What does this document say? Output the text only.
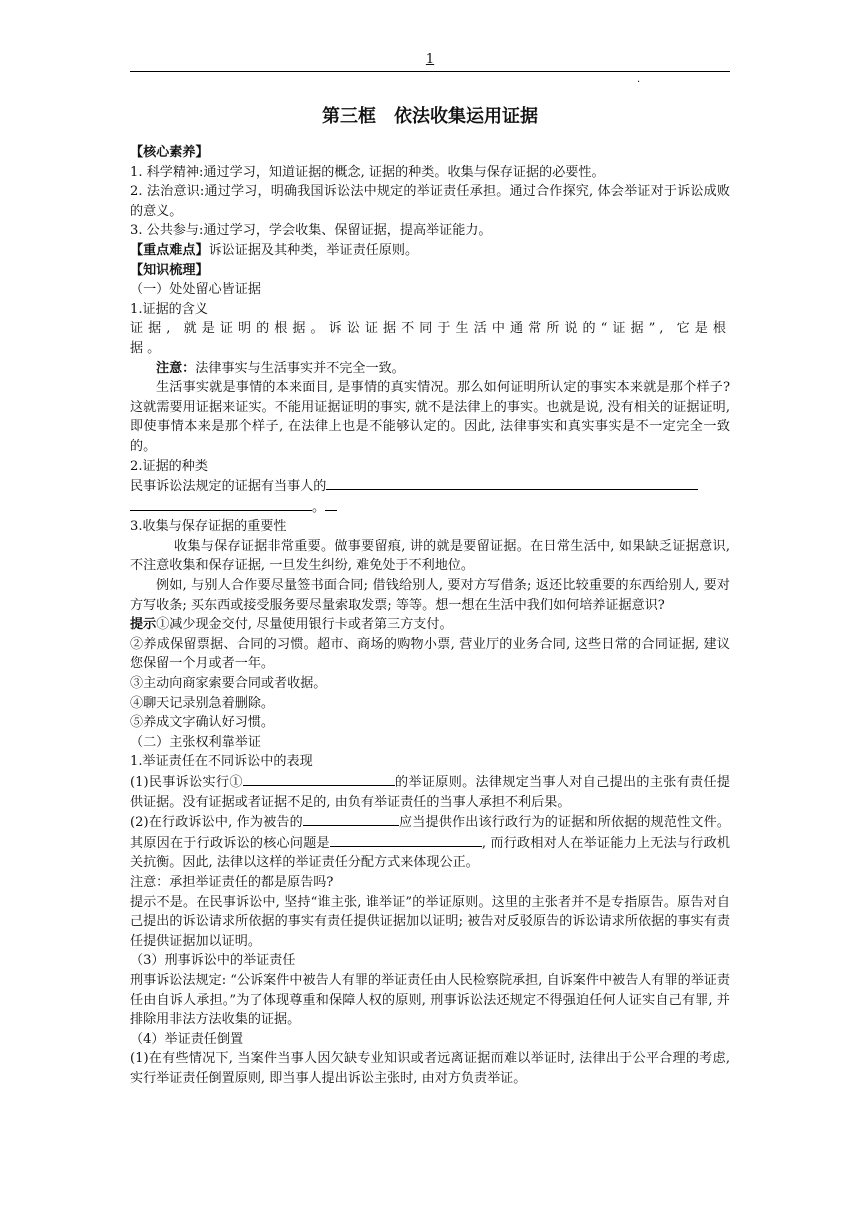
1
·
第三框　依法收集运用证据

【核心素养】

1. 科学精神:通过学习，知道证据的概念, 证据的种类。收集与保存证据的必要性。

2. 法治意识:通过学习，明确我国诉讼法中规定的举证责任承担。通过合作探究, 体会举证对于诉讼成败的意义。

3. 公共参与:通过学习，学会收集、保留证据，提高举证能力。

【重点难点】诉讼证据及其种类，举证责任原则。

【知识梳理】

（一）处处留心皆证据

1.证据的含义

证据, 就是证明的根据。诉讼证据不同于生活中通常所说的“证据”, 它是根据。

注意：法律事实与生活事实并不完全一致。

生活事实就是事情的本来面目, 是事情的真实情况。那么如何证明所认定的事实本来就是那个样子?这就需要用证据来证实。不能用证据证明的事实, 就不是法律上的事实。也就是说, 没有相关的证据证明, 即使事情本来是那个样子, 在法律上也是不能够认定的。因此, 法律事实和真实事实是不一定完全一致的。

2.证据的种类

民事诉讼法规定的证据有当事人的

。

3.收集与保存证据的重要性

收集与保存证据非常重要。做事要留痕, 讲的就是要留证据。在日常生活中, 如果缺乏证据意识, 不注意收集和保存证据, 一旦发生纠纷, 难免处于不利地位。

例如, 与别人合作要尽量签书面合同; 借钱给别人, 要对方写借条; 返还比较重要的东西给别人, 要对方写收条; 买东西或接受服务要尽量索取发票; 等等。想一想在生活中我们如何培养证据意识?

提示①减少现金交付, 尽量使用银行卡或者第三方支付。

②养成保留票据、合同的习惯。超市、商场的购物小票, 营业厅的业务合同, 这些日常的合同证据, 建议您保留一个月或者一年。

③主动向商家索要合同或者收据。

④聊天记录别急着删除。

⑤养成文字确认好习惯。

（二）主张权利靠举证

1.举证责任在不同诉讼中的表现

(1)民事诉讼实行①	的举证原则。法律规定当事人对自己提出的主张有责任提供证据。没有证据或者证据不足的, 由负有举证责任的当事人承担不利后果。

(2)在行政诉讼中, 作为被告的	应当提供作出该行政行为的证据和所依据的规范性文件。其原因在于行政诉讼的核心问题是	, 而行政相对人在举证能力上无法与行政机关抗衡。因此, 法律以这样的举证责任分配方式来体现公正。

注意：承担举证责任的都是原告吗?

提示不是。在民事诉讼中, 坚持“谁主张, 谁举证”的举证原则。这里的主张者并不是专指原告。原告对自己提出的诉讼请求所依据的事实有责任提供证据加以证明; 被告对反驳原告的诉讼请求所依据的事实有责任提供证据加以证明。

（3）刑事诉讼中的举证责任

刑事诉讼法规定: “公诉案件中被告人有罪的举证责任由人民检察院承担, 自诉案件中被告人有罪的举证责任由自诉人承担。”为了体现尊重和保障人权的原则, 刑事诉讼法还规定不得强迫任何人证实自己有罪, 并排除用非法方法收集的证据。

（4）举证责任倒置

(1)在有些情况下, 当案件当事人因欠缺专业知识或者远离证据而难以举证时, 法律出于公平合理的考虑, 实行举证责任倒置原则, 即当事人提出诉讼主张时, 由对方负责举证。
